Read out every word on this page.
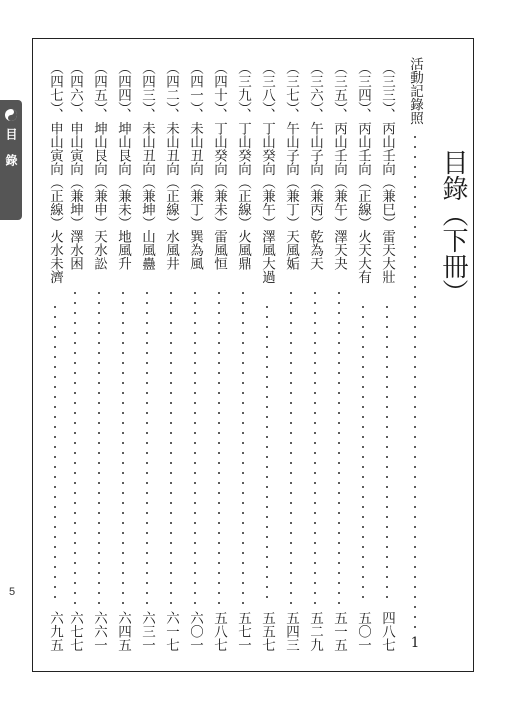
目錄
5
目錄（下冊）
活動記錄照
1
（三三）、丙山壬向（兼巳）雷天大壯
四八七
（三四）、丙山壬向（正線）火天大有
五〇一
（三五）、丙山壬向（兼午）澤天夬
五一五
（三六）、午山子向（兼丙）乾為天
五二九
（三七）、午山子向（兼丁）天風姤
五四三
（三八）、丁山癸向（兼午）澤風大過
五五七
（三九）、丁山癸向（正線）火風鼎
五七一
（四十）、丁山癸向（兼未）雷風恒
五八七
（四一）、未山丑向（兼丁）巽為風
六〇一
（四二）、未山丑向（正線）水風井
六一七
（四三）、未山丑向（兼坤）山風蠱
六三一
（四四）、坤山艮向（兼未）地風升
六四五
（四五）、坤山艮向（兼申）天水訟
六六一
（四六）、申山寅向（兼坤）澤水困
六七七
（四七）、申山寅向（正線）火水未濟
六九五
